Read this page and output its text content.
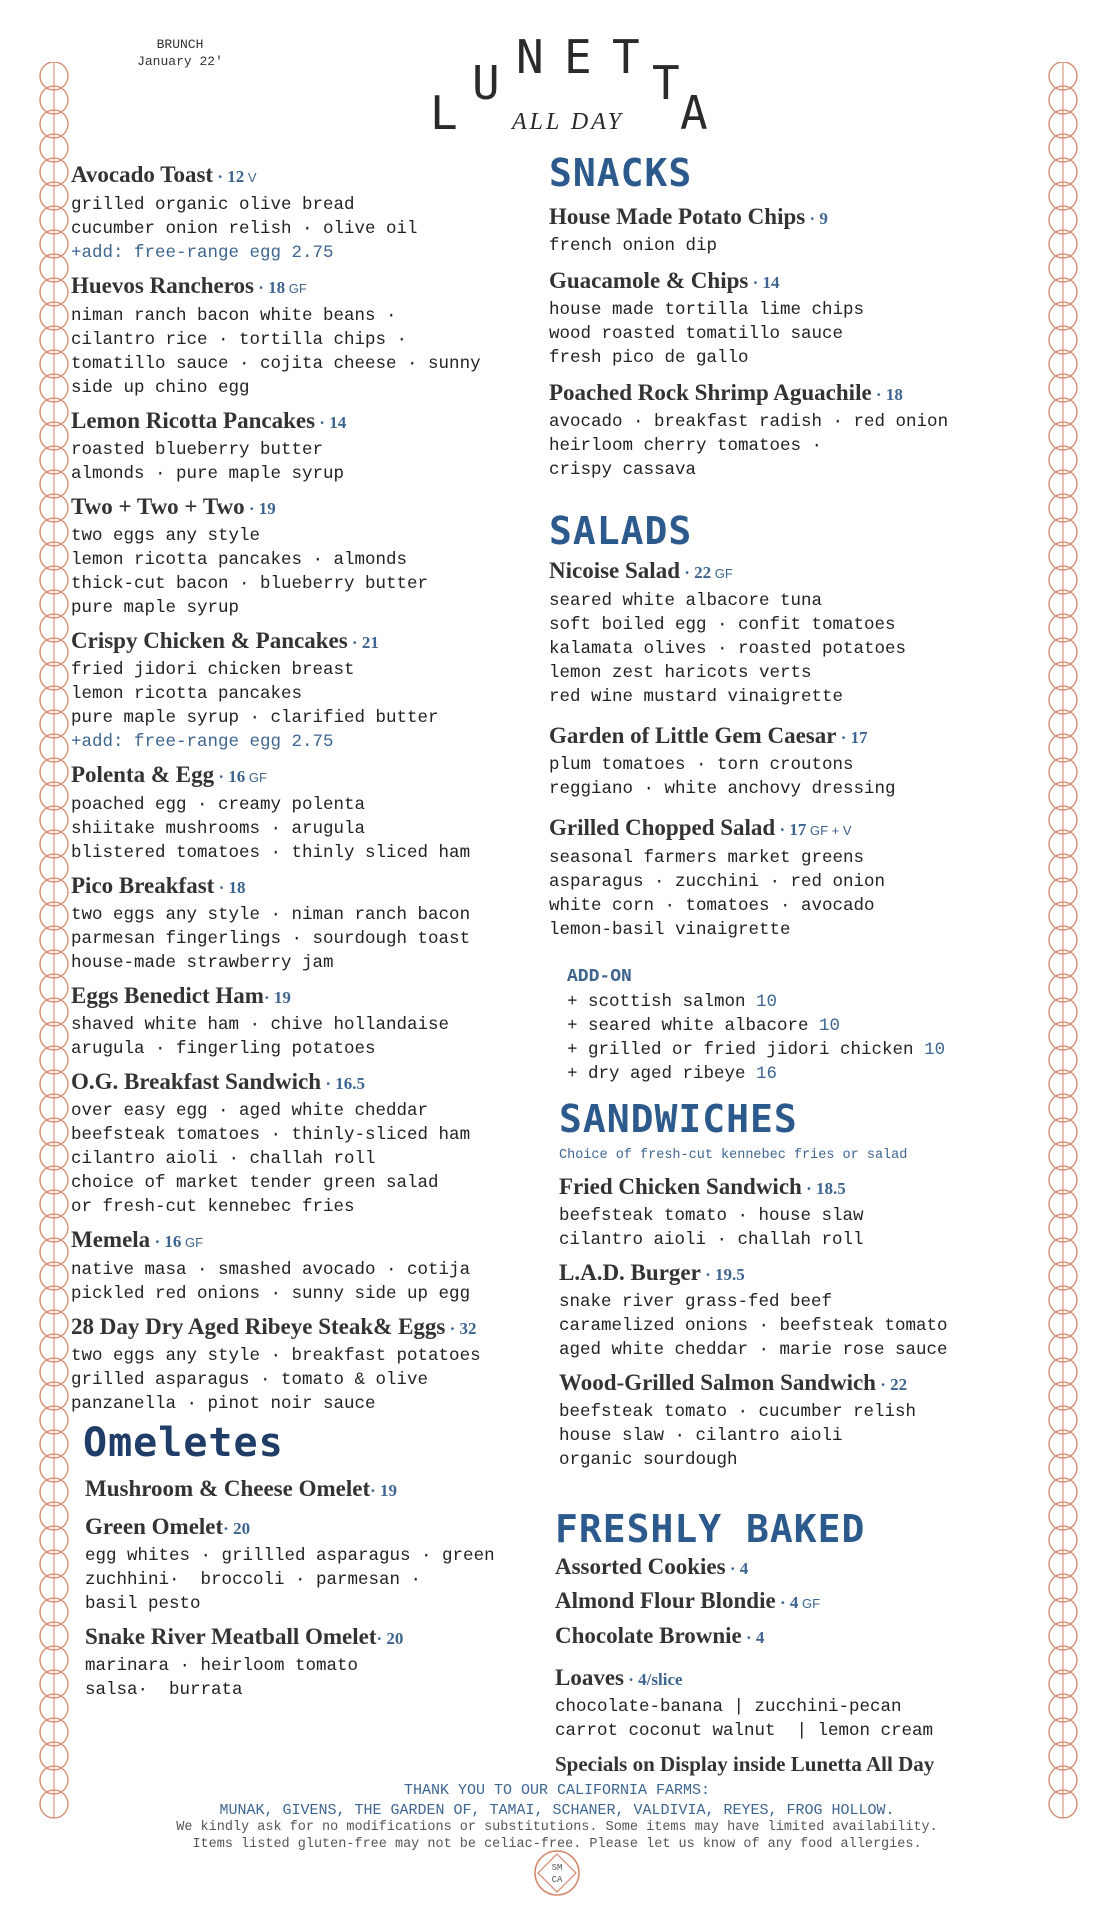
BRUNCH
January 22'
L
U N E T T
A
ALL DAY
Avocado Toast · 12 V
grilled organic olive bread
cucumber onion relish · olive oil
+add: free-range egg 2.75
Huevos Rancheros · 18 GF
niman ranch bacon white beans ·
cilantro rice · tortilla chips ·
tomatillo sauce · cojita cheese · sunny
side up chino egg
Lemon Ricotta Pancakes · 14
roasted blueberry butter
almonds · pure maple syrup
Two + Two + Two · 19
two eggs any style
lemon ricotta pancakes · almonds
thick-cut bacon · blueberry butter
pure maple syrup
Crispy Chicken & Pancakes · 21
fried jidori chicken breast
lemon ricotta pancakes
pure maple syrup · clarified butter
+add: free-range egg 2.75
Polenta & Egg · 16 GF
poached egg · creamy polenta
shiitake mushrooms · arugula
blistered tomatoes · thinly sliced ham
Pico Breakfast · 18
two eggs any style · niman ranch bacon
parmesan fingerlings · sourdough toast
house-made strawberry jam
Eggs Benedict Ham· 19
shaved white ham · chive hollandaise
arugula · fingerling potatoes
O.G. Breakfast Sandwich · 16.5
over easy egg · aged white cheddar
beefsteak tomatoes · thinly-sliced ham
cilantro aioli · challah roll
choice of market tender green salad
or fresh-cut kennebec fries
Memela · 16 GF
native masa · smashed avocado · cotija
pickled red onions · sunny side up egg
28 Day Dry Aged Ribeye Steak& Eggs · 32
two eggs any style · breakfast potatoes
grilled asparagus · tomato & olive
panzanella · pinot noir sauce
Omeletes
Mushroom & Cheese Omelet· 19
Green Omelet· 20
egg whites · grillled asparagus · green
zuchhini·  broccoli · parmesan ·
basil pesto
Snake River Meatball Omelet· 20
marinara · heirloom tomato
salsa·  burrata
SNACKS
House Made Potato Chips · 9
french onion dip
Guacamole & Chips · 14
house made tortilla lime chips
wood roasted tomatillo sauce
fresh pico de gallo
Poached Rock Shrimp Aguachile · 18
avocado · breakfast radish · red onion
heirloom cherry tomatoes ·
crispy cassava
SALADS
Nicoise Salad · 22 GF
seared white albacore tuna
soft boiled egg · confit tomatoes
kalamata olives · roasted potatoes
lemon zest haricots verts
red wine mustard vinaigrette
Garden of Little Gem Caesar · 17
plum tomatoes · torn croutons
reggiano · white anchovy dressing
Grilled Chopped Salad · 17 GF + V
seasonal farmers market greens
asparagus · zucchini · red onion
white corn · tomatoes · avocado
lemon-basil vinaigrette
ADD-ON
+ scottish salmon 10
+ seared white albacore 10
+ grilled or fried jidori chicken 10
+ dry aged ribeye 16
SANDWICHES
Choice of fresh-cut kennebec fries or salad
Fried Chicken Sandwich · 18.5
beefsteak tomato · house slaw
cilantro aioli · challah roll
L.A.D. Burger · 19.5
snake river grass-fed beef
caramelized onions · beefsteak tomato
aged white cheddar · marie rose sauce
Wood-Grilled Salmon Sandwich · 22
beefsteak tomato · cucumber relish
house slaw · cilantro aioli
organic sourdough
FRESHLY BAKED
Assorted Cookies · 4
Almond Flour Blondie · 4 GF
Chocolate Brownie · 4
Loaves · 4/slice
chocolate-banana | zucchini-pecan
carrot coconut walnut  | lemon cream
Specials on Display inside Lunetta All Day
THANK YOU TO OUR CALIFORNIA FARMS:
MUNAK, GIVENS, THE GARDEN OF, TAMAI, SCHANER, VALDIVIA, REYES, FROG HOLLOW.
We kindly ask for no modifications or substitutions. Some items may have limited availability.
Items listed gluten-free may not be celiac-free. Please let us know of any food allergies.
SM
CA
